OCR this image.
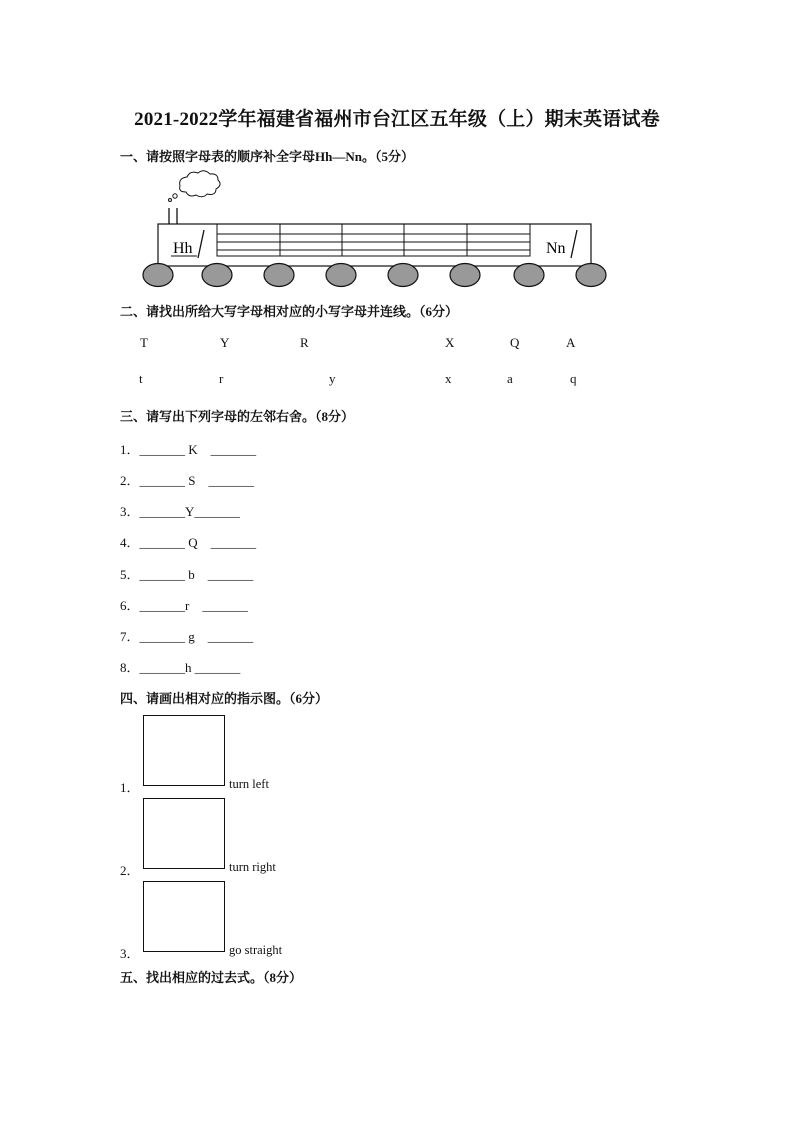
2021-2022学年福建省福州市台江区五年级（上）期末英语试卷
一、请按照字母表的顺序补全字母Hh—Nn。（5分）
Hh	Nn
二、请找出所给大写字母相对应的小写字母并连线。（6分）
T	Y	R	X	Q	A
t	r	y	x	a	q
三、请写出下列字母的左邻右舍。（8分）
1．_______ K    _______
2．_______ S    _______
3．_______Y_______
4．_______ Q    _______
5．_______ b    _______
6．_______r    _______
7．_______ g    _______
8．_______h _______
四、请画出相对应的指示图。（6分）
1．	turn left
2．	turn right
3．	go straight
五、找出相应的过去式。（8分）
